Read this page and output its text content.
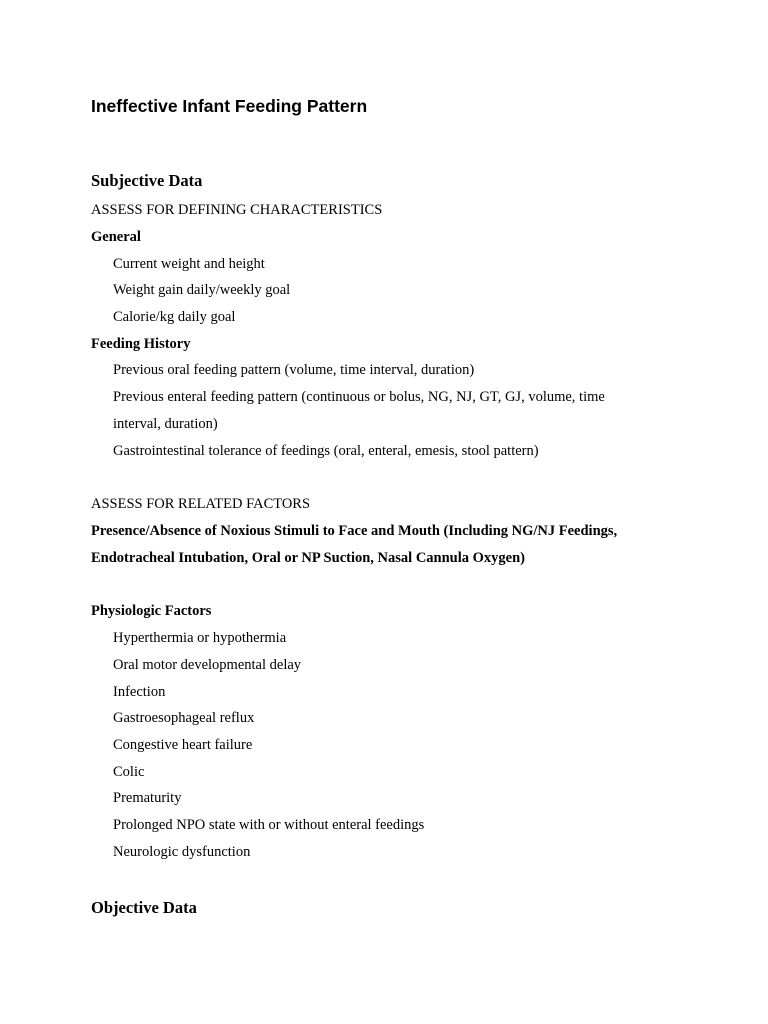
Ineffective Infant Feeding Pattern
Subjective Data
ASSESS FOR DEFINING CHARACTERISTICS
General
Current weight and height
Weight gain daily/weekly goal
Calorie/kg daily goal
Feeding History
Previous oral feeding pattern (volume, time interval, duration)
Previous enteral feeding pattern (continuous or bolus, NG, NJ, GT, GJ, volume, time
interval, duration)
Gastrointestinal tolerance of feedings (oral, enteral, emesis, stool pattern)
ASSESS FOR RELATED FACTORS
Presence/Absence of Noxious Stimuli to Face and Mouth (Including NG/NJ Feedings,
Endotracheal Intubation, Oral or NP Suction, Nasal Cannula Oxygen)
Physiologic Factors
Hyperthermia or hypothermia
Oral motor developmental delay
Infection
Gastroesophageal reflux
Congestive heart failure
Colic
Prematurity
Prolonged NPO state with or without enteral feedings
Neurologic dysfunction
Objective Data
